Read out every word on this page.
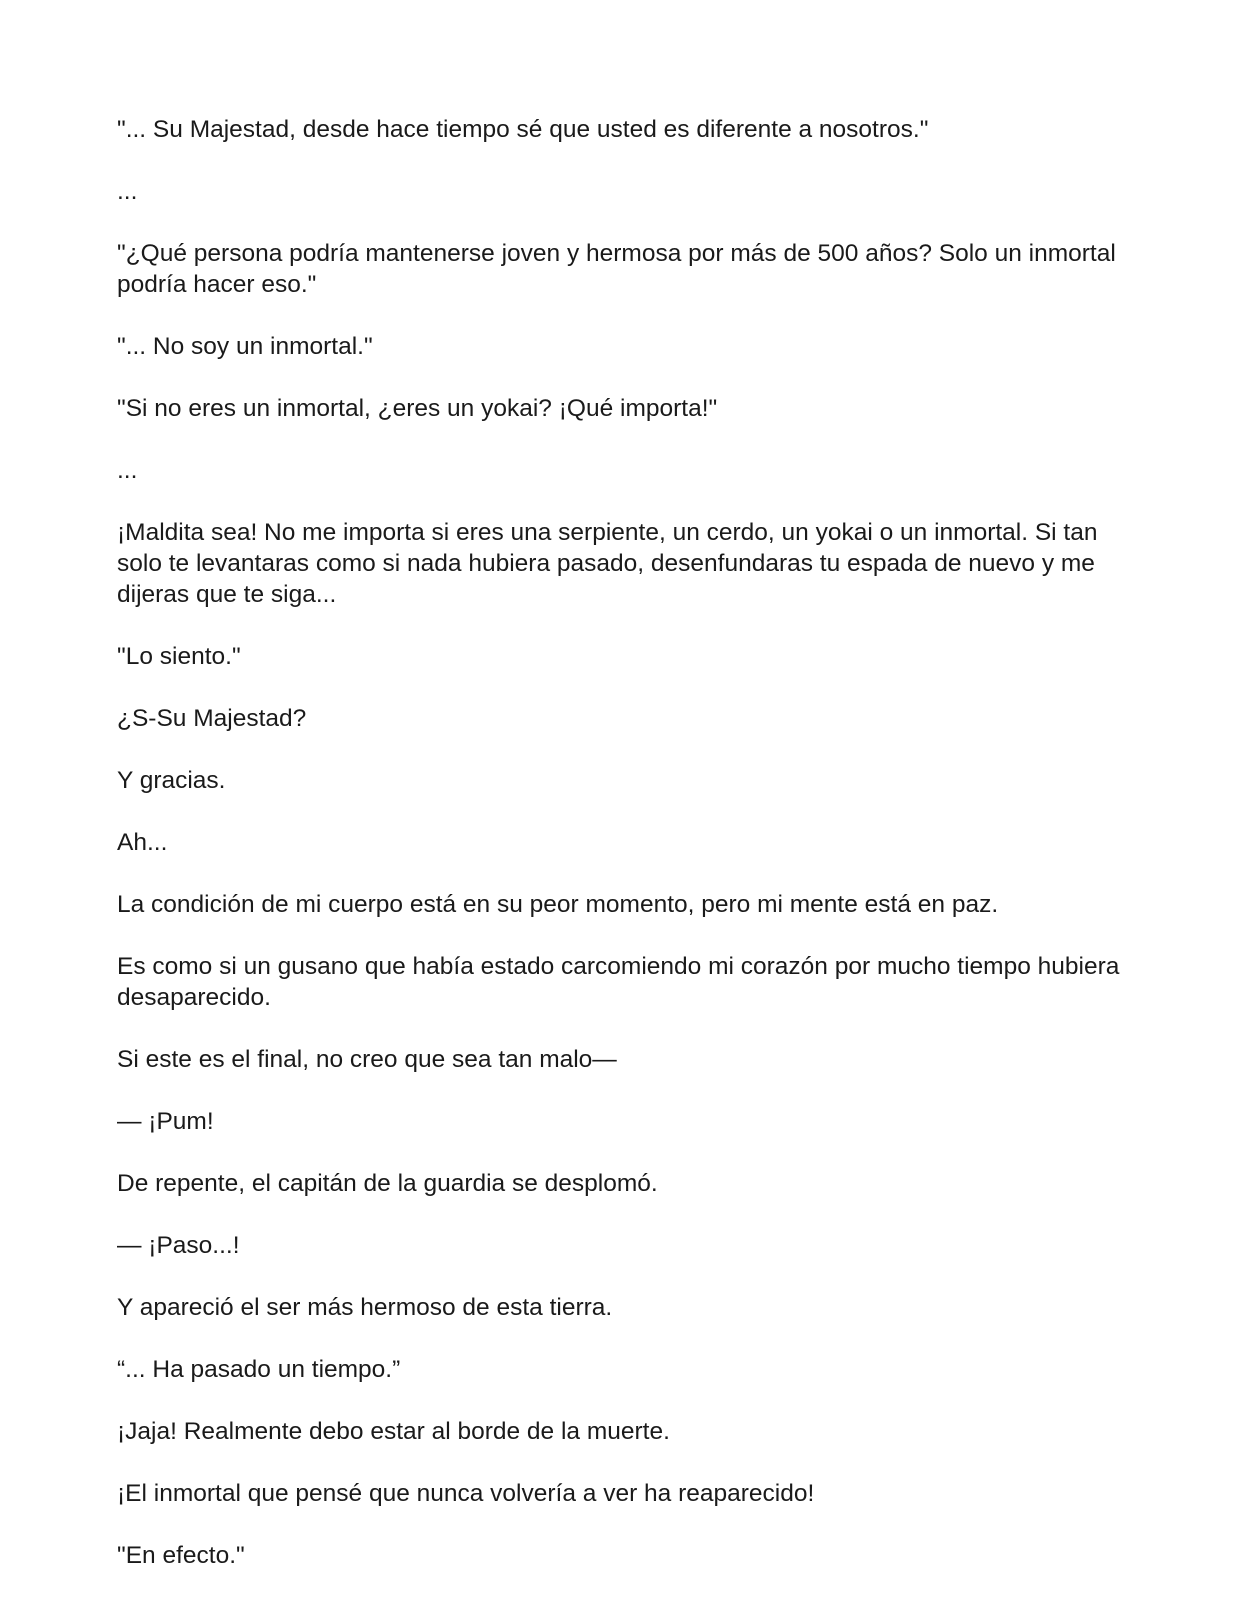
"... Su Majestad, desde hace tiempo sé que usted es diferente a nosotros."

...

"¿Qué persona podría mantenerse joven y hermosa por más de 500 años? Solo un inmortal podría hacer eso."

"... No soy un inmortal."

"Si no eres un inmortal, ¿eres un yokai? ¡Qué importa!"

...

¡Maldita sea! No me importa si eres una serpiente, un cerdo, un yokai o un inmortal. Si tan solo te levantaras como si nada hubiera pasado, desenfundaras tu espada de nuevo y me dijeras que te siga...

"Lo siento."

¿S-Su Majestad?

Y gracias.

Ah...

La condición de mi cuerpo está en su peor momento, pero mi mente está en paz.

Es como si un gusano que había estado carcomiendo mi corazón por mucho tiempo hubiera desaparecido.

Si este es el final, no creo que sea tan malo—

— ¡Pum!

De repente, el capitán de la guardia se desplomó.

— ¡Paso...!

Y apareció el ser más hermoso de esta tierra.

“... Ha pasado un tiempo.”

¡Jaja! Realmente debo estar al borde de la muerte.

¡El inmortal que pensé que nunca volvería a ver ha reaparecido!

"En efecto."
